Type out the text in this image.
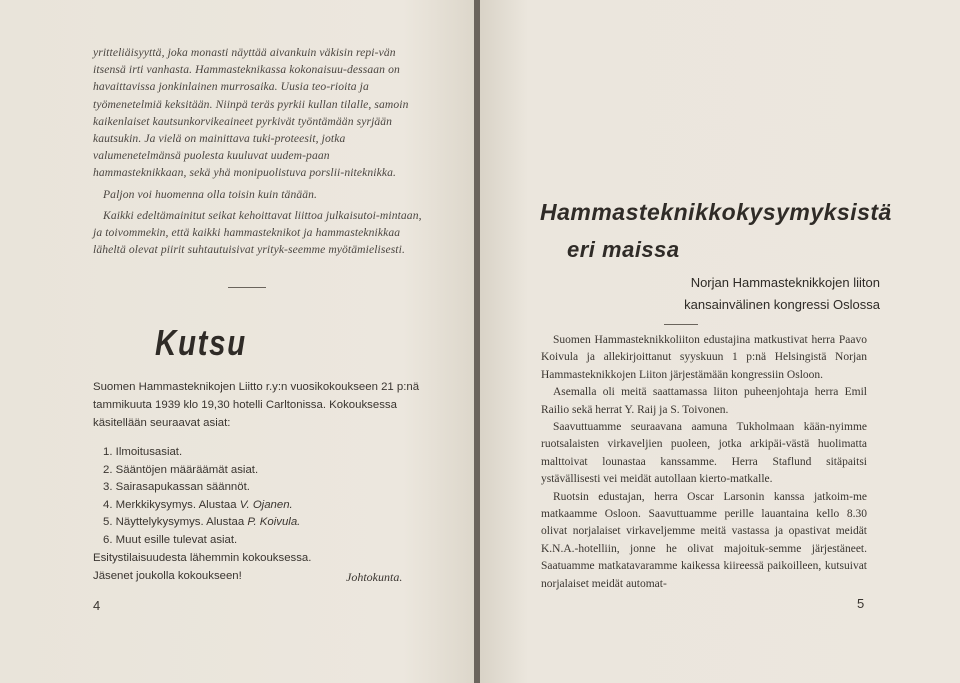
yritteliäisyyttä, joka monasti näyttää aivankuin väkisin repi-vän itsensä irti vanhasta. Hammasteknikassa kokonaisuu-dessaan on havaittavissa jonkinlainen murrosaika. Uusia teo-rioita ja työmenetelmiä keksitään. Niinpä teräs pyrkii kullan tilalle, samoin kaikenlaiset kautsunkorvikeaineet pyrkivät työntämään syrjään kautsukin. Ja vielä on mainittava tuki-proteesit, jotka valumenetelmänsä puolesta kuuluvat uudem-paan hammasteknikkaan, sekä yhä monipuolistuva porslii-niteknikka.

Paljon voi huomenna olla toisin kuin tänään.

Kaikki edeltämainitut seikat kehoittavat liittoa julkaisutoi-mintaan, ja toivommekin, että kaikki hammasteknikot ja hammasteknikkaa läheltä olevat piirit suhtautuisivat yrityk-seemme myötämielisesti.

Kutsu

Suomen Hammasteknikojen Liitto r.y:n vuosikokoukseen 21 p:nä tammikuuta 1939 klo 19,30 hotelli Carltonissa. Kokouksessa käsitellään seuraavat asiat:

1. Ilmoitusasiat.
2. Sääntöjen määräämät asiat.
3. Sairasapukassan säännöt.
4. Merkkikysymys. Alustaa V. Ojanen.
5. Näyttelykysymys. Alustaa P. Koivula.
6. Muut esille tulevat asiat.

Esitystilaisuudesta lähemmin kokouksessa.

Jäsenet joukolla kokoukseen!	Johtokunta.
4
Hammasteknikkokysymyksistä
eri maissa
Norjan Hammasteknikkojen liiton
kansainvälinen kongressi Oslossa

Suomen Hammasteknikkoliiton edustajina matkustivat herra Paavo Koivula ja allekirjoittanut syyskuun 1 p:nä Helsingistä Norjan Hammasteknikkojen Liiton järjestämään kongressiin Osloon.

Asemalla oli meitä saattamassa liiton puheenjohtaja herra Emil Railio sekä herrat Y. Raij ja S. Toivonen.

Saavuttuamme seuraavana aamuna Tukholmaan kään-nyimme ruotsalaisten virkaveljien puoleen, jotka arkipäi-västä huolimatta malttoivat lounastaa kanssamme. Herra Staflund sitäpaitsi ystävällisesti vei meidät autollaan kierto-matkalle.

Ruotsin edustajan, herra Oscar Larsonin kanssa jatkoim-me matkaamme Osloon. Saavuttuamme perille lauantaina kello 8.30 olivat norjalaiset virkaveljemme meitä vastassa ja opastivat meidät K.N.A.-hotelliin, jonne he olivat majoituk-semme järjestäneet. Saatuamme matkatavaramme kaikessa kiireessä paikoilleen, kutsuivat norjalaiset meidät automat-

5
